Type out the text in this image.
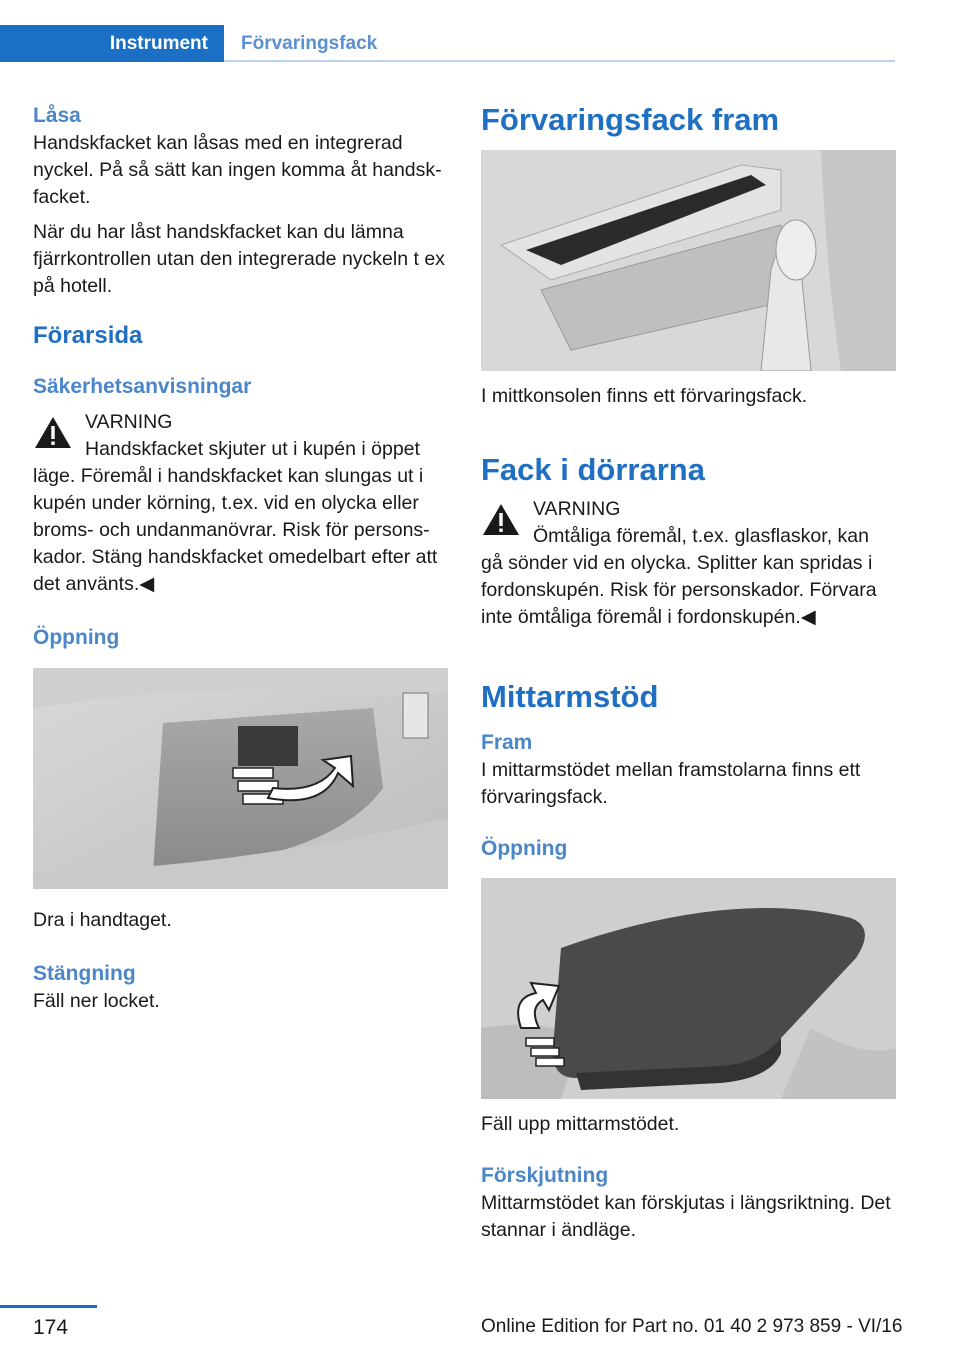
Instrument	Förvaringsfack
Låsa

Handskfacket kan låsas med en integrerad nyckel. På så sätt kan ingen komma åt handsk-facket.

När du har låst handskfacket kan du lämna fjärrkontrollen utan den integrerade nyckeln t ex på hotell.

Förarsida
Säkerhetsanvisningar

VARNING

Handskfacket skjuter ut i kupén i öppet läge. Föremål i handskfacket kan slungas ut i kupén under körning, t.ex. vid en olycka eller broms- och undanmanövrar. Risk för persons-kador. Stäng handskfacket omedelbart efter att det använts.◀

Öppning

Dra i handtaget.

Stängning

Fäll ner locket.

Förvaringsfack fram

I mittkonsolen finns ett förvaringsfack.

Fack i dörrarna

VARNING

Ömtåliga föremål, t.ex. glasflaskor, kan gå sönder vid en olycka. Splitter kan spridas i fordonskupén. Risk för personskador. Förvara inte ömtåliga föremål i fordonskupén.◀

Mittarmstöd
Fram

I mittarmstödet mellan framstolarna finns ett förvaringsfack.

Öppning

Fäll upp mittarmstödet.

Förskjutning

Mittarmstödet kan förskjutas i längsriktning. Det stannar i ändläge.

174	Online Edition for Part no. 01 40 2 973 859 - VI/16
